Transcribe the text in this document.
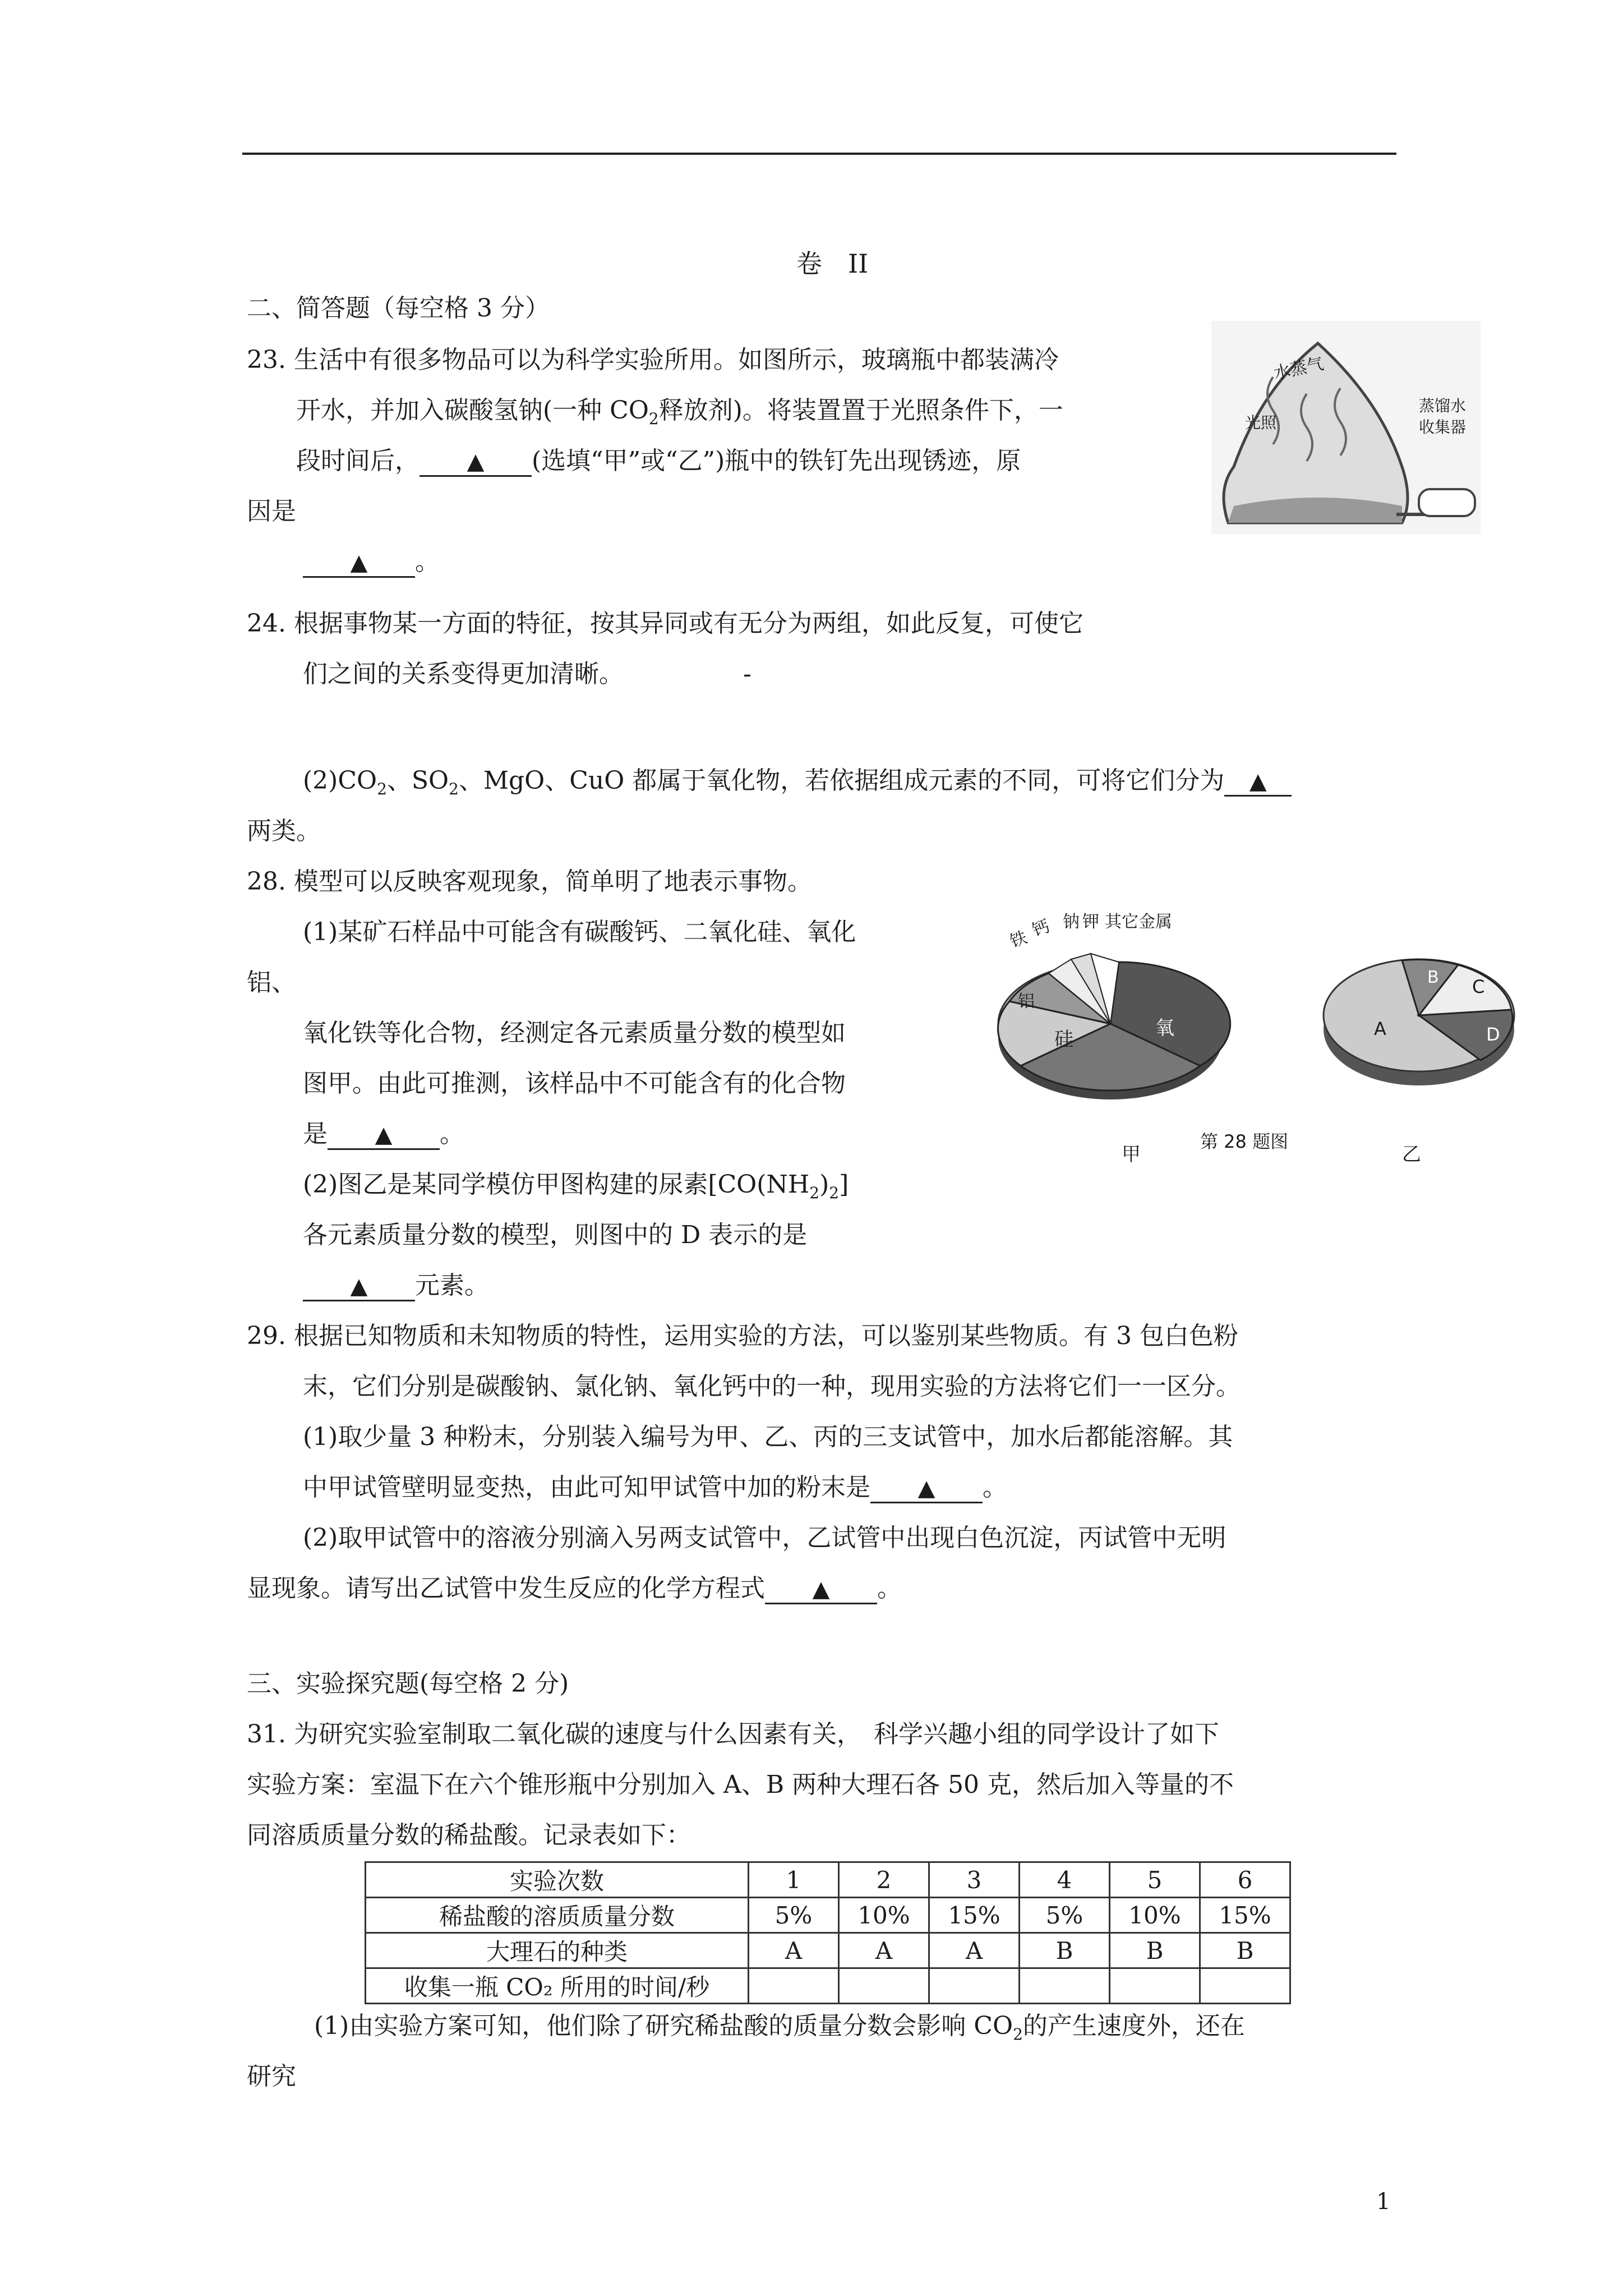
卷　II
二、简答题（每空格 3 分）
23. 生活中有很多物品可以为科学实验所用。如图所示，玻璃瓶中都装满冷
开水，并加入碳酸氢钠(一种 $CO_2$释放剂)。将装置置于光照条件下，一
段时间后， ▲ (选填“甲”或“乙”)瓶中的铁钉先出现锈迹，原
因是
▲ 。
水蒸气
光照
蒸馏水
收集器
24. 根据事物某一方面的特征，按其异同或有无分为两组，如此反复，可使它
们之间的关系变得更加清晰。	-
$(2)CO_2$、$SO_2$、MgO、CuO 都属于氧化物，若依据组成元素的不同，可将它们分为 ▲
两类。
28. 模型可以反映客观现象，简单明了地表示事物。
(1)某矿石样品中可能含有碳酸钙、二氧化硅、氧化
铝、
氧化铁等化合物，经测定各元素质量分数的模型如
图甲。由此可推测，该样品中不可能含有的化合物
是 ▲ 。
(2)图乙是某同学模仿甲图构建的尿素$[CO(NH_2)_2]$
各元素质量分数的模型，则图中的 D 表示的是
▲ 元素。
铁 钙 钠 钾 其它金属
铝
硅	氧	A
B C
D
甲
第 28 题图
乙
29. 根据已知物质和未知物质的特性，运用实验的方法，可以鉴别某些物质。有 3 包白色粉
末，它们分别是碳酸钠、氯化钠、氧化钙中的一种，现用实验的方法将它们一一区分。
(1)取少量 3 种粉末，分别装入编号为甲、乙、丙的三支试管中，加水后都能溶解。其
中甲试管壁明显变热，由此可知甲试管中加的粉末是 ▲ 。
(2)取甲试管中的溶液分别滴入另两支试管中，乙试管中出现白色沉淀，丙试管中无明
显现象。请写出乙试管中发生反应的化学方程式 ▲ 。
三、实验探究题(每空格 2 分)
31. 为研究实验室制取二氧化碳的速度与什么因素有关，　科学兴趣小组的同学设计了如下
实验方案：室温下在六个锥形瓶中分别加入 A、B 两种大理石各 50 克，然后加入等量的不
同溶质质量分数的稀盐酸。记录表如下：
实验次数	1	2	3	4	5	6
稀盐酸的溶质质量分数	5%	10%	15%	5%	10%	15%
大理石的种类	A	A	A	B	B	B
收集一瓶 CO₂ 所用的时间/秒						
(1)由实验方案可知，他们除了研究稀盐酸的质量分数会影响 $CO_2$的产生速度外，还在
研究
1
